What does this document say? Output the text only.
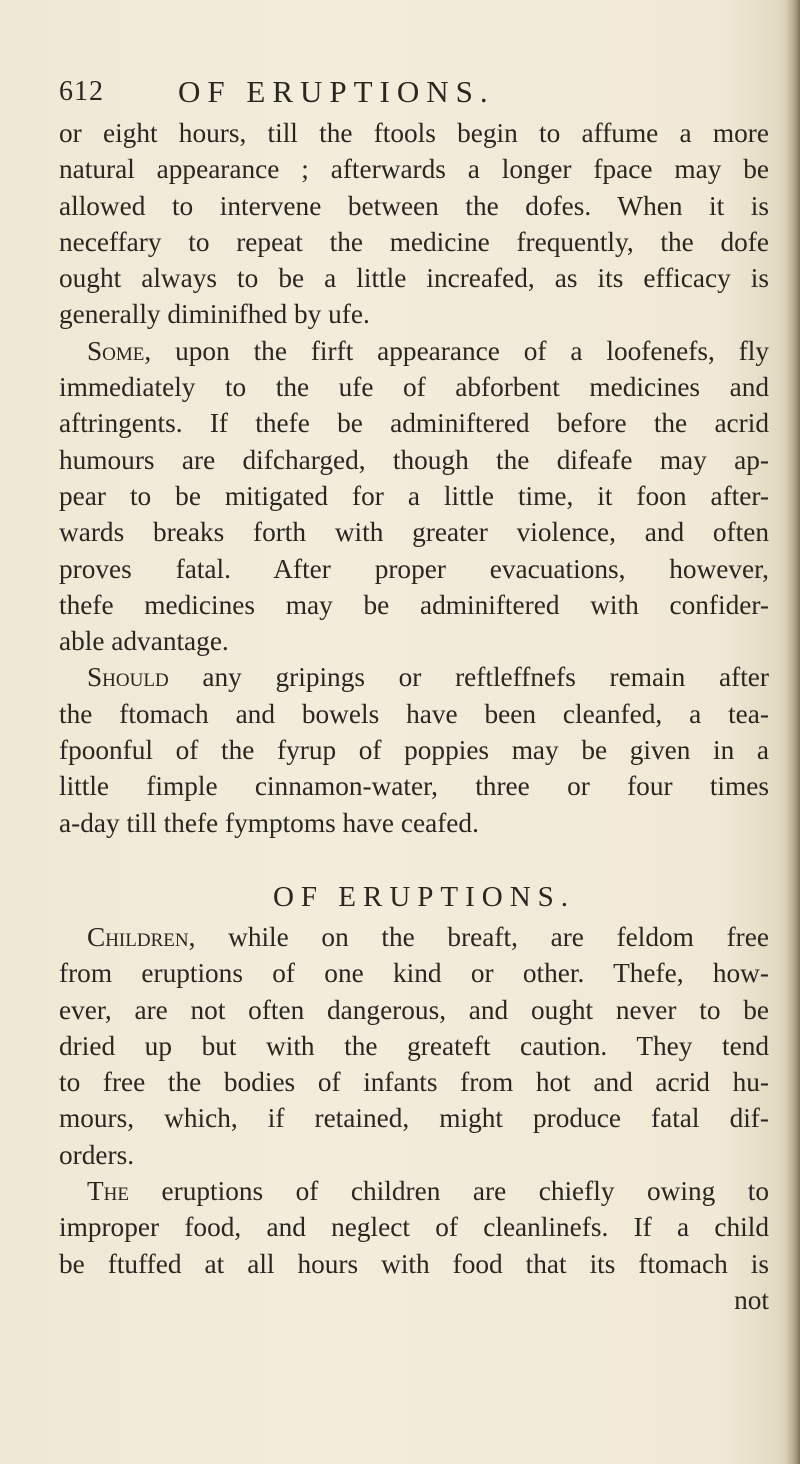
612 OF ERUPTIONS.
or eight hours, till the ftools begin to affume a more
natural appearance ; afterwards a longer fpace may be
allowed to intervene between the dofes. When it is
neceffary to repeat the medicine frequently, the dofe
ought always to be a little increafed, as its efficacy is
generally diminifhed by ufe.
Some, upon the firft appearance of a loofenefs, fly
immediately to the ufe of abforbent medicines and
aftringents. If thefe be adminiftered before the acrid
humours are difcharged, though the difeafe may ap-
pear to be mitigated for a little time, it foon after-
wards breaks forth with greater violence, and often
proves fatal. After proper evacuations, however,
thefe medicines may be adminiftered with confider-
able advantage.
Should any gripings or reftleffnefs remain after
the ftomach and bowels have been cleanfed, a tea-
fpoonful of the fyrup of poppies may be given in a
little fimple cinnamon-water, three or four times
a-day till thefe fymptoms have ceafed.
OF ERUPTIONS.
Children, while on the breaft, are feldom free
from eruptions of one kind or other. Thefe, how-
ever, are not often dangerous, and ought never to be
dried up but with the greateft caution. They tend
to free the bodies of infants from hot and acrid hu-
mours, which, if retained, might produce fatal dif-
orders.
The eruptions of children are chiefly owing to
improper food, and neglect of cleanlinefs. If a child
be ftuffed at all hours with food that its ftomach is
not
